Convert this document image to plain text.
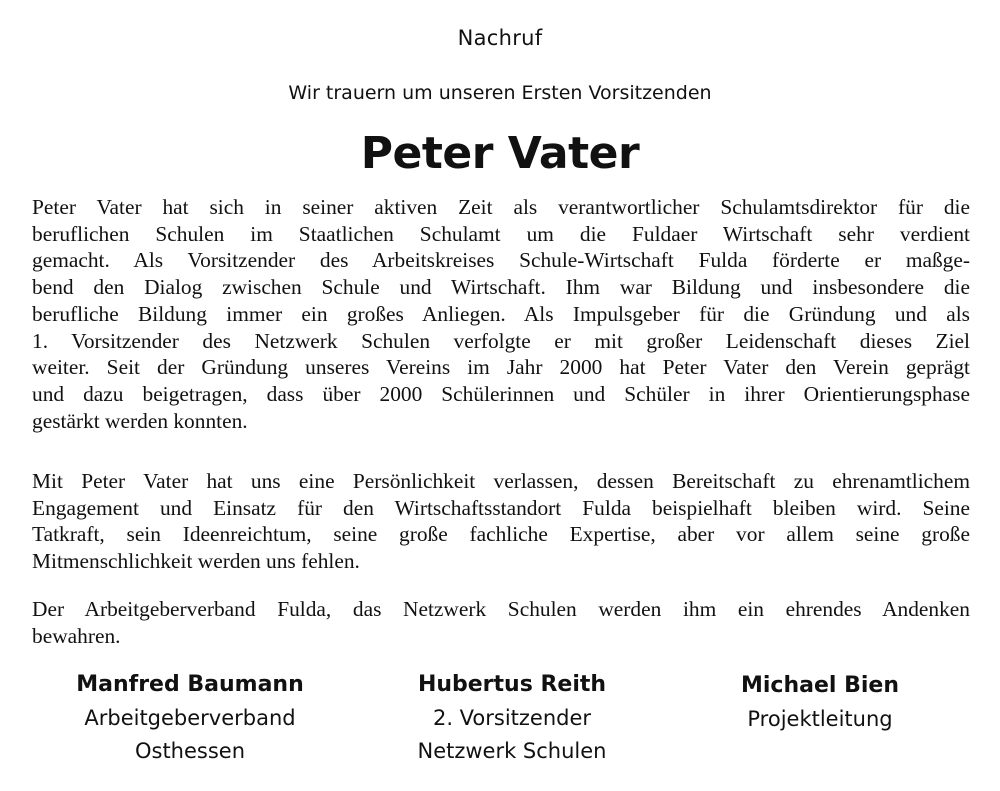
Nachruf
Wir trauern um unseren Ersten Vorsitzenden
Peter Vater

Peter Vater hat sich in seiner aktiven Zeit als verantwortlicher Schulamtsdirektor für die
beruflichen Schulen im Staatlichen Schulamt um die Fuldaer Wirtschaft sehr verdient
gemacht. Als Vorsitzender des Arbeitskreises Schule-Wirtschaft Fulda förderte er maßge-
bend den Dialog zwischen Schule und Wirtschaft. Ihm war Bildung und insbesondere die
berufliche Bildung immer ein großes Anliegen. Als Impulsgeber für die Gründung und als
1. Vorsitzender des Netzwerk Schulen verfolgte er mit großer Leidenschaft dieses Ziel
weiter. Seit der Gründung unseres Vereins im Jahr 2000 hat Peter Vater den Verein geprägt
und dazu beigetragen, dass über 2000 Schülerinnen und Schüler in ihrer Orientierungsphase
gestärkt werden konnten.

Mit Peter Vater hat uns eine Persönlichkeit verlassen, dessen Bereitschaft zu ehrenamtlichem
Engagement und Einsatz für den Wirtschaftsstandort Fulda beispielhaft bleiben wird. Seine
Tatkraft, sein Ideenreichtum, seine große fachliche Expertise, aber vor allem seine große
Mitmenschlichkeit werden uns fehlen.

Der Arbeitgeberverband Fulda, das Netzwerk Schulen werden ihm ein ehrendes Andenken
bewahren.

Manfred Baumann
Arbeitgeberverband
Osthessen
Hubertus Reith
2. Vorsitzender
Netzwerk Schulen
Michael Bien
Projektleitung
